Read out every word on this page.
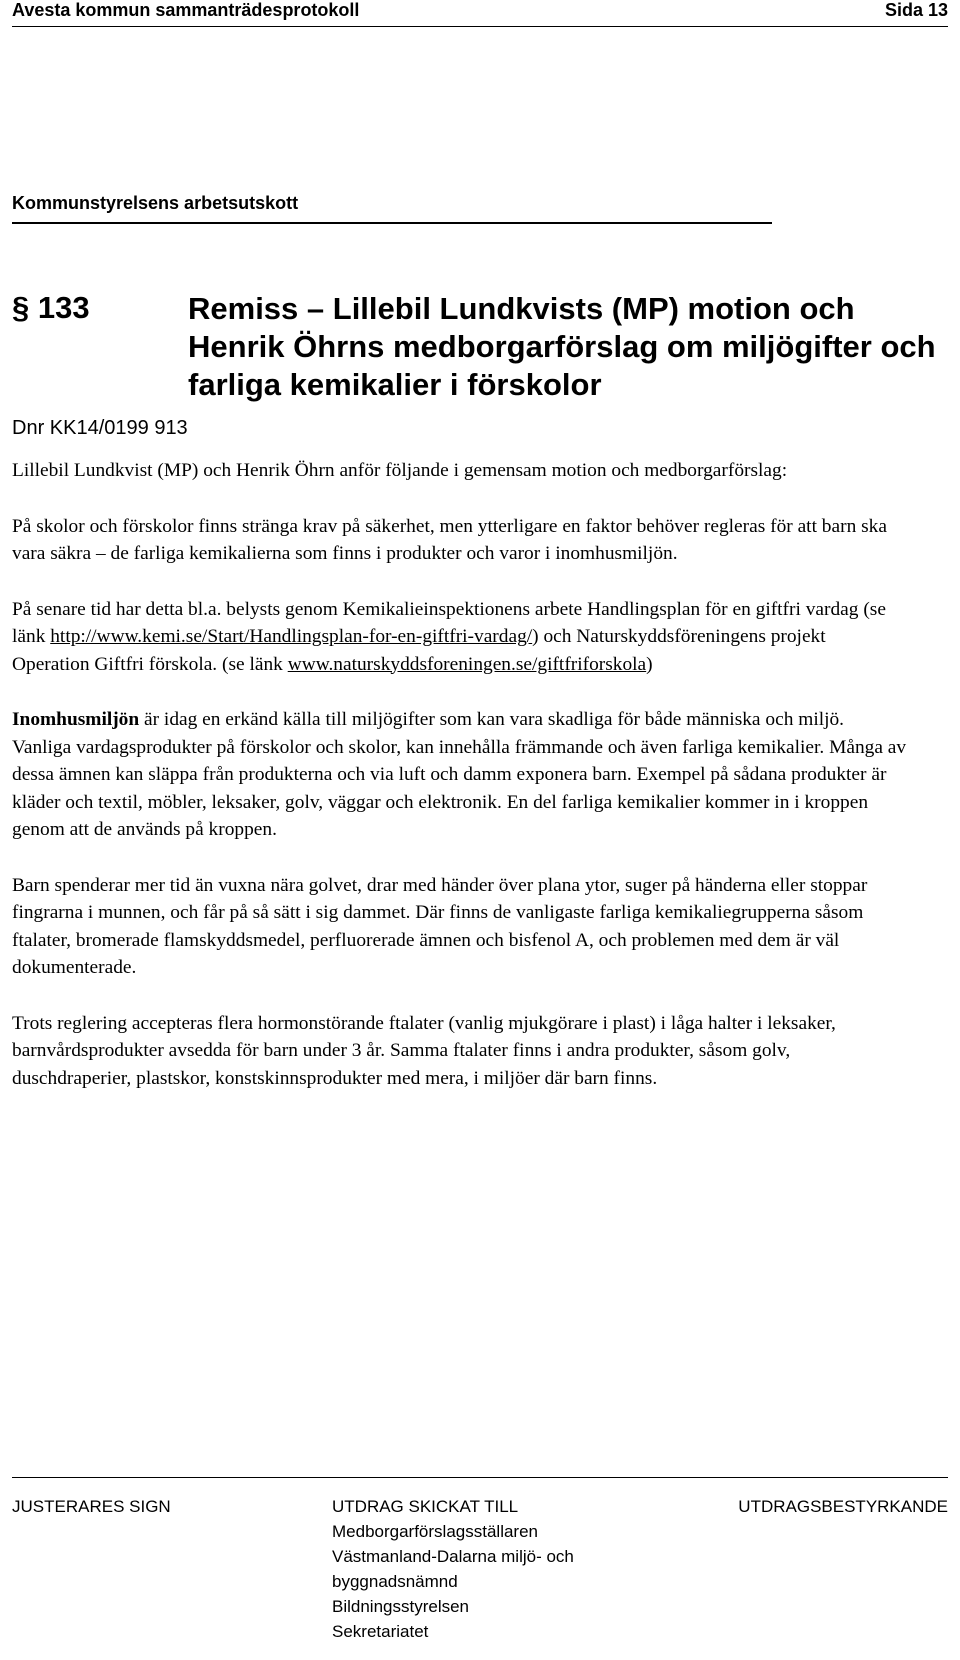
Avesta kommun sammanträdesprotokoll	Sida 13
Kommunstyrelsens arbetsutskott
§ 133	Remiss – Lillebil Lundkvists (MP) motion och Henrik Öhrns medborgarförslag om miljögifter och farliga kemikalier i förskolor
Dnr KK14/0199 913

Lillebil Lundkvist (MP) och Henrik Öhrn anför följande i gemensam motion och medborgarförslag:

På skolor och förskolor finns stränga krav på säkerhet, men ytterligare en faktor behöver regleras för att barn ska vara säkra – de farliga kemikalierna som finns i produkter och varor i inomhusmiljön.

På senare tid har detta bl.a. belysts genom Kemikalieinspektionens arbete Handlingsplan för en giftfri vardag (se länk http://www.kemi.se/Start/Handlingsplan-for-en-giftfri-vardag/) och Naturskyddsföreningens projekt Operation Giftfri förskola. (se länk www.naturskyddsforeningen.se/giftfriforskola)

Inomhusmiljön är idag en erkänd källa till miljögifter som kan vara skadliga för både människa och miljö. Vanliga vardagsprodukter på förskolor och skolor, kan innehålla främmande och även farliga kemikalier. Många av dessa ämnen kan släppa från produkterna och via luft och damm exponera barn. Exempel på sådana produkter är kläder och textil, möbler, leksaker, golv, väggar och elektronik. En del farliga kemikalier kommer in i kroppen genom att de används på kroppen.

Barn spenderar mer tid än vuxna nära golvet, drar med händer över plana ytor, suger på händerna eller stoppar fingrarna i munnen, och får på så sätt i sig dammet. Där finns de vanligaste farliga kemikaliegrupperna såsom ftalater, bromerade flamskyddsmedel, perfluorerade ämnen och bisfenol A, och problemen med dem är väl dokumenterade.

Trots reglering accepteras flera hormonstörande ftalater (vanlig mjukgörare i plast) i låga halter i leksaker, barnvårdsprodukter avsedda för barn under 3 år. Samma ftalater finns i andra produkter, såsom golv, duschdraperier, plastskor, konstskinnsprodukter med mera, i miljöer där barn finns.

JUSTERARES SIGN	UTDRAG SKICKAT TILL
Medborgarförslagsställaren
Västmanland-Dalarna miljö- och byggnadsnämnd
Bildningsstyrelsen
Sekretariatet
UTDRAGSBESTYRKANDE
